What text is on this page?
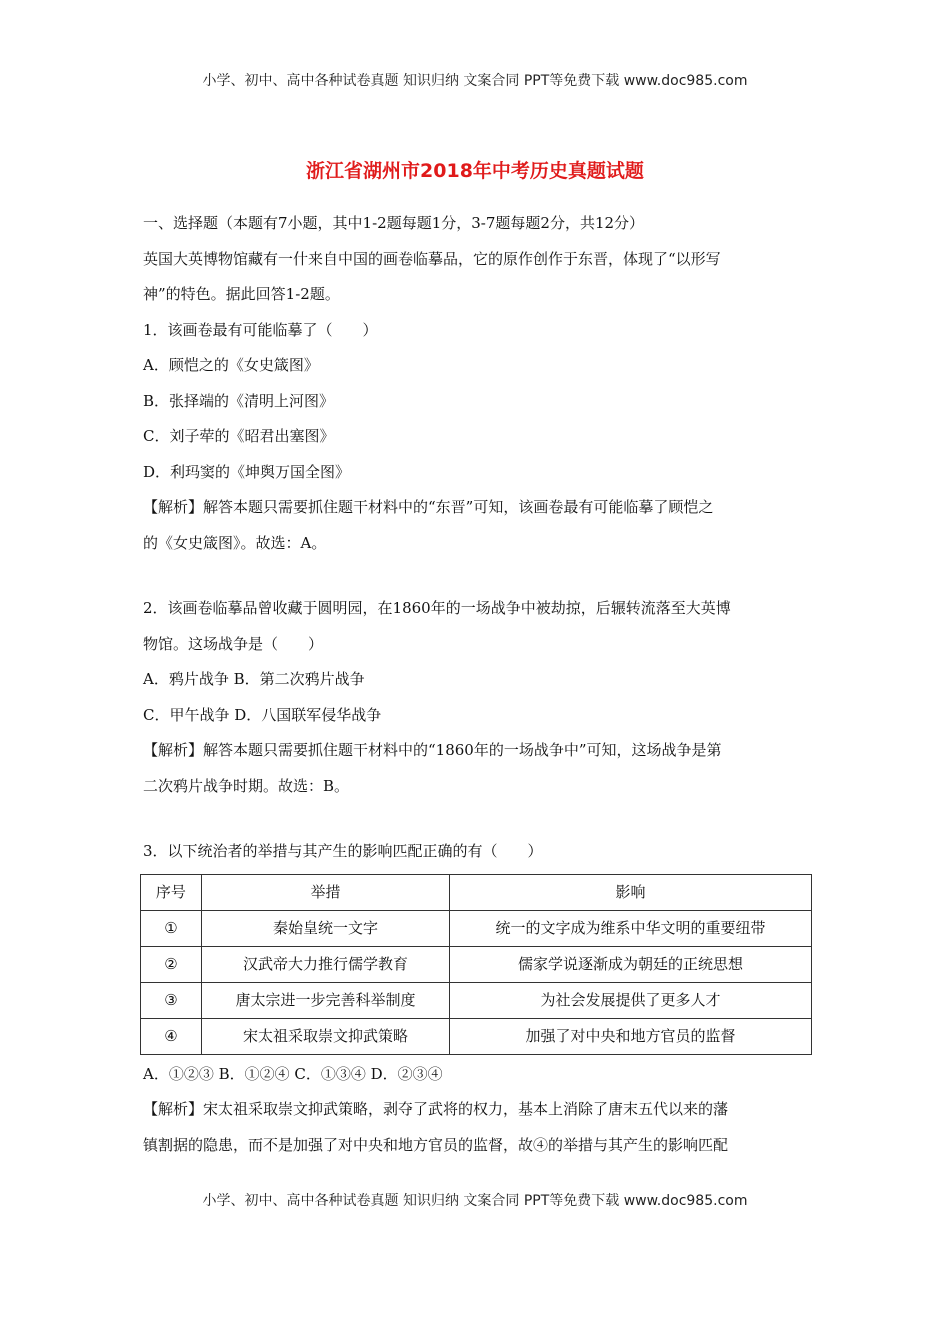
小学、初中、高中各种试卷真题 知识归纳 文案合同 PPT等免费下载 www.doc985.com
浙江省湖州市2018年中考历史真题试题

一、选择题（本题有7小题，其中1-2题每题1分，3-7题每题2分，共12分）

英国大英博物馆藏有一什来自中国的画卷临摹品，它的原作创作于东晋，体现了“以形写

神”的特色。据此回答1-2题。

1．该画卷最有可能临摹了（　　）

A．顾恺之的《女史箴图》

B．张择端的《清明上河图》

C．刘子荦的《昭君出塞图》

D．利玛窦的《坤舆万国全图》

【解析】解答本题只需要抓住题干材料中的“东晋”可知，该画卷最有可能临摹了顾恺之

的《女史箴图》。故选：A。

2．该画卷临摹品曾收藏于圆明园，在1860年的一场战争中被劫掠，后辗转流落至大英博

物馆。这场战争是（　　）

A．鸦片战争 B．第二次鸦片战争

C．甲午战争 D．八国联军侵华战争

【解析】解答本题只需要抓住题干材料中的“1860年的一场战争中”可知，这场战争是第

二次鸦片战争时期。故选：B。

3．以下统治者的举措与其产生的影响匹配正确的有（　　）

序号	举措	影响
①	秦始皇统一文字	统一的文字成为维系中华文明的重要纽带
②	汉武帝大力推行儒学教育	儒家学说逐渐成为朝廷的正统思想
③	唐太宗进一步完善科举制度	为社会发展提供了更多人才
④	宋太祖采取崇文抑武策略	加强了对中央和地方官员的监督

A．①②③ B．①②④ C．①③④ D．②③④

【解析】宋太祖采取崇文抑武策略，剥夺了武将的权力，基本上消除了唐末五代以来的藩

镇割据的隐患，而不是加强了对中央和地方官员的监督，故④的举措与其产生的影响匹配

小学、初中、高中各种试卷真题 知识归纳 文案合同 PPT等免费下载 www.doc985.com
